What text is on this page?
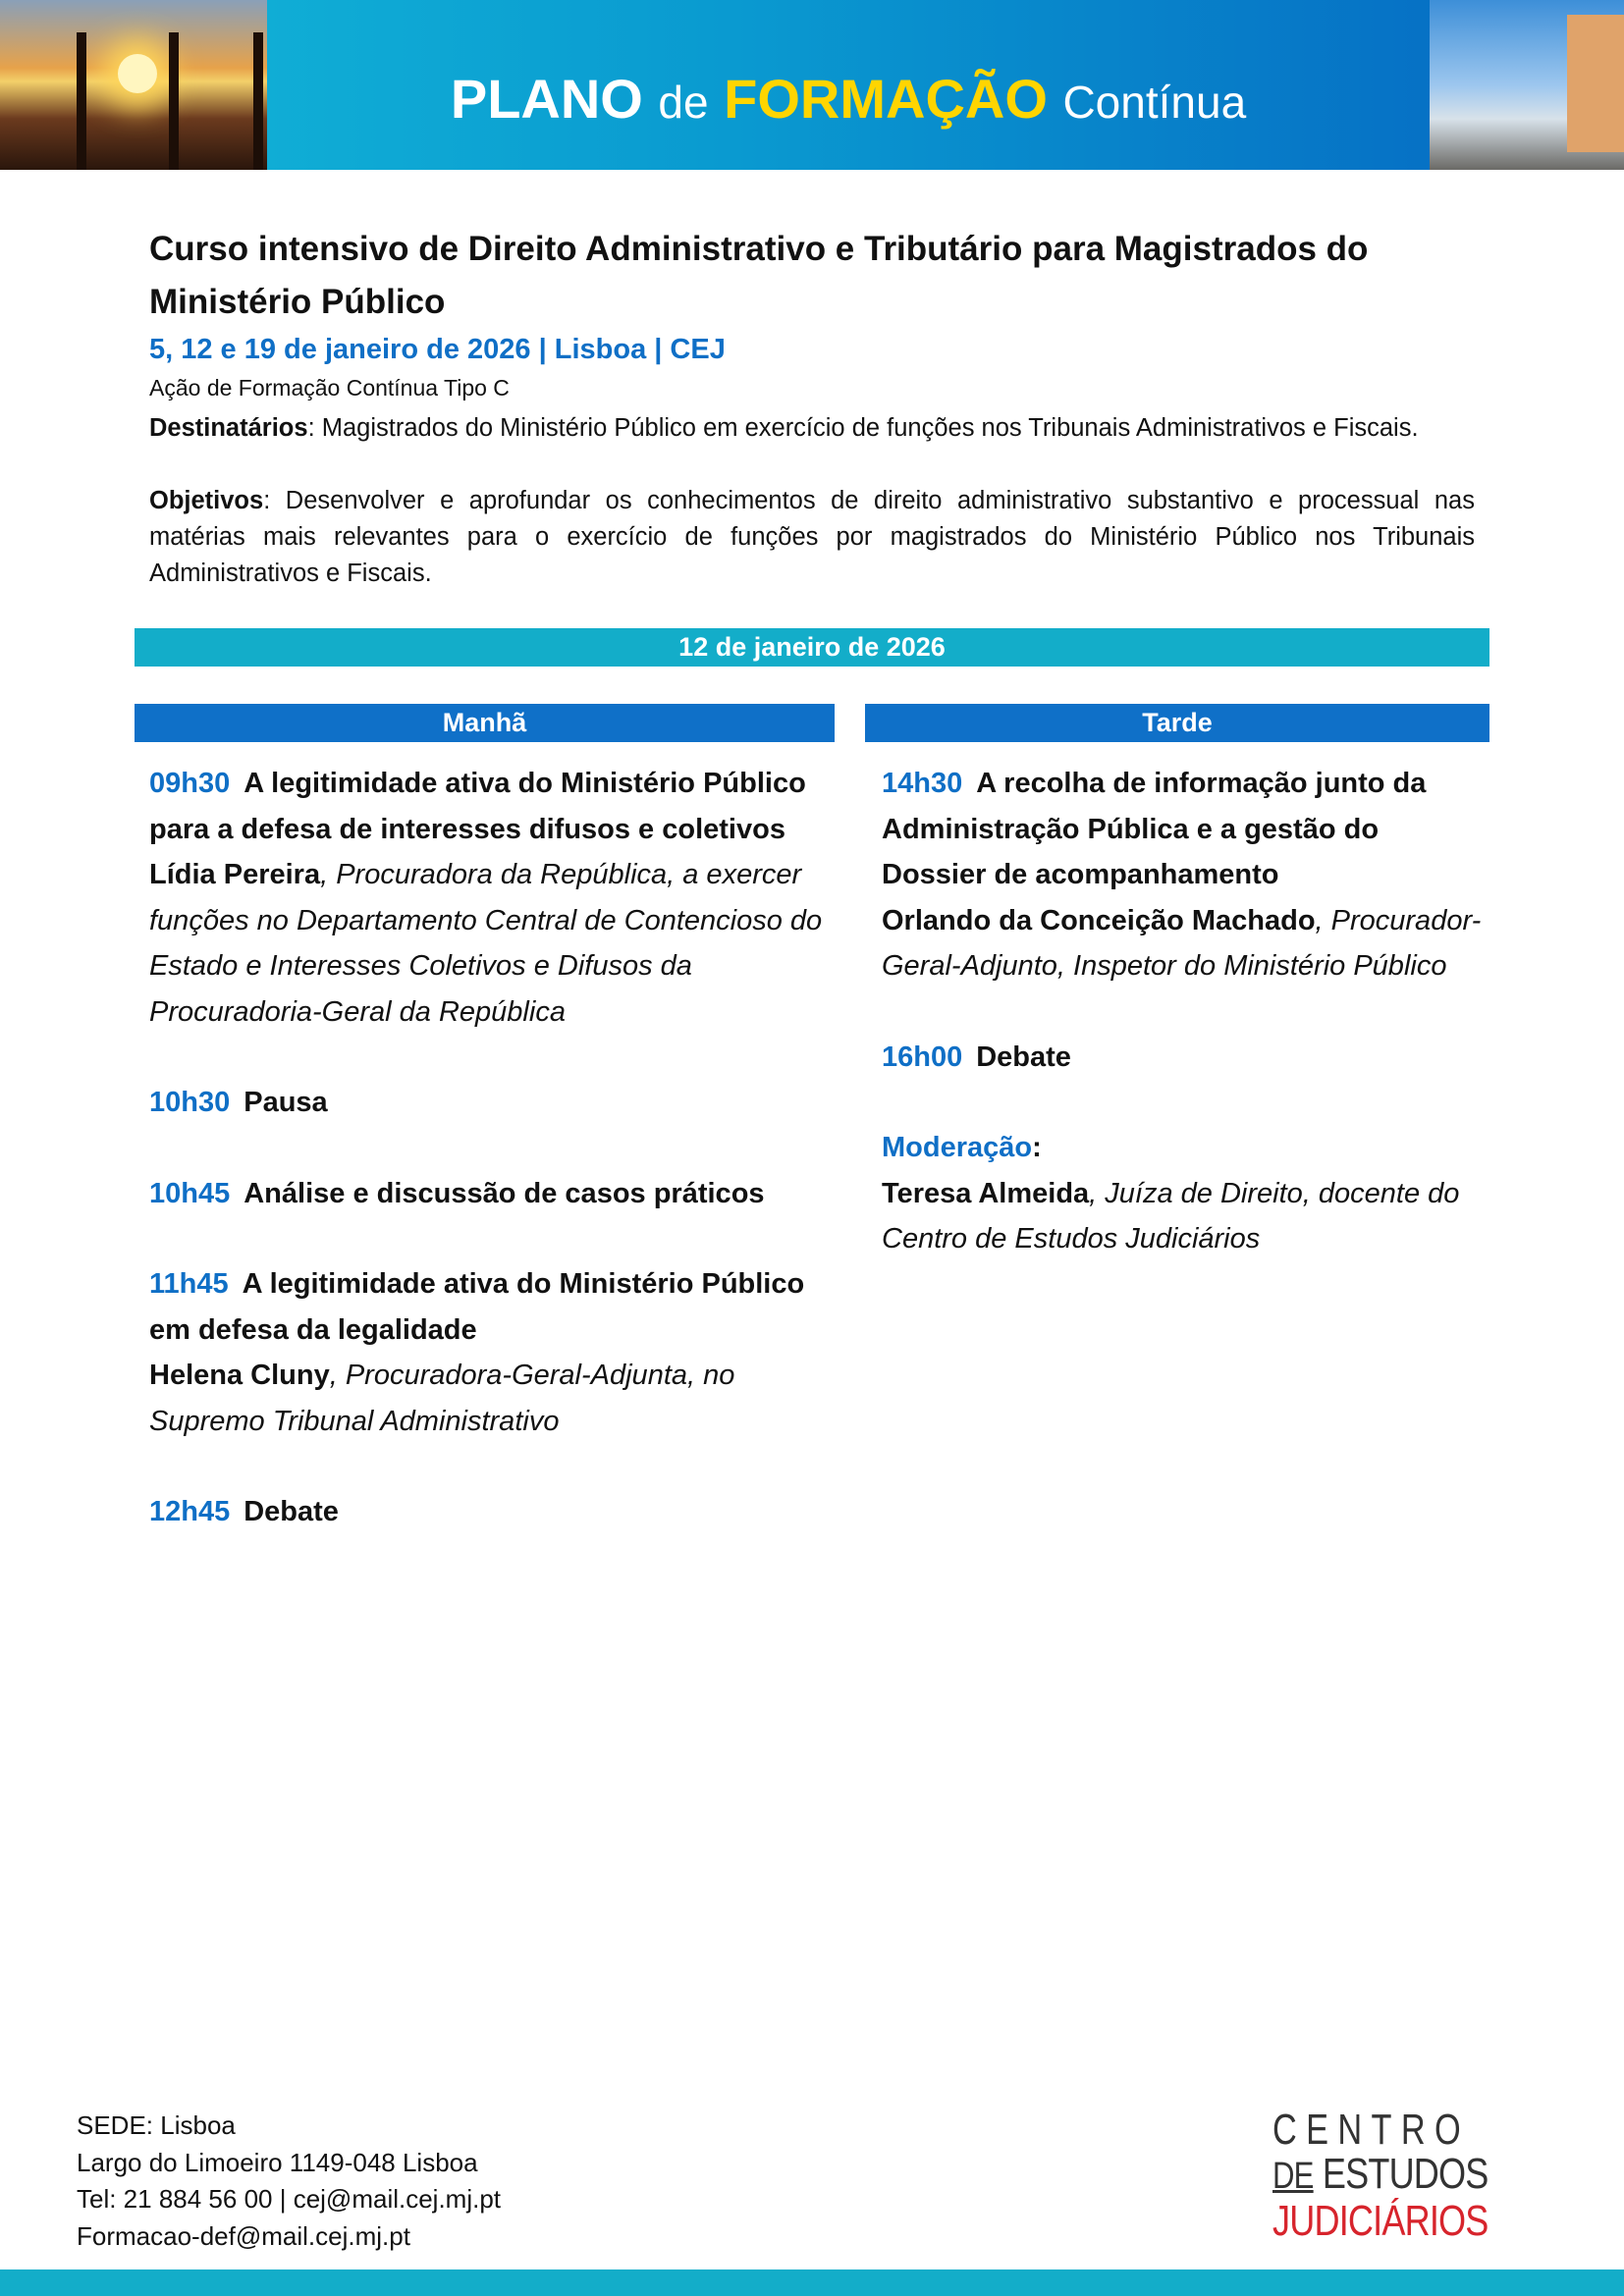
PLANO de FORMAÇÃO Contínua
Curso intensivo de Direito Administrativo e Tributário para Magistrados do Ministério Público
5, 12 e 19 de janeiro de 2026 | Lisboa | CEJ
Ação de Formação Contínua Tipo C
Destinatários: Magistrados do Ministério Público em exercício de funções nos Tribunais Administrativos e Fiscais.
Objetivos: Desenvolver e aprofundar os conhecimentos de direito administrativo substantivo e processual nas matérias mais relevantes para o exercício de funções por magistrados do Ministério Público nos Tribunais Administrativos e Fiscais.
12 de janeiro de 2026
Manhã	Tarde
09h30 A legitimidade ativa do Ministério Público para a defesa de interesses difusos e coletivos
Lídia Pereira, Procuradora da República, a exercer funções no Departamento Central de Contencioso do Estado e Interesses Coletivos e Difusos da Procuradoria-Geral da República
10h30 Pausa
10h45 Análise e discussão de casos práticos
11h45 A legitimidade ativa do Ministério Público em defesa da legalidade
Helena Cluny, Procuradora-Geral-Adjunta, no Supremo Tribunal Administrativo
12h45 Debate
14h30 A recolha de informação junto da Administração Pública e a gestão do Dossier de acompanhamento
Orlando da Conceição Machado, Procurador-Geral-Adjunto, Inspetor do Ministério Público
16h00 Debate
Moderação:
Teresa Almeida, Juíza de Direito, docente do Centro de Estudos Judiciários
SEDE: Lisboa
Largo do Limoeiro 1149-048 Lisboa
Tel: 21 884 56 00 | cej@mail.cej.mj.pt
Formacao-def@mail.cej.mj.pt
CENTRO
DE ESTUDOS
JUDICIÁRIOS
